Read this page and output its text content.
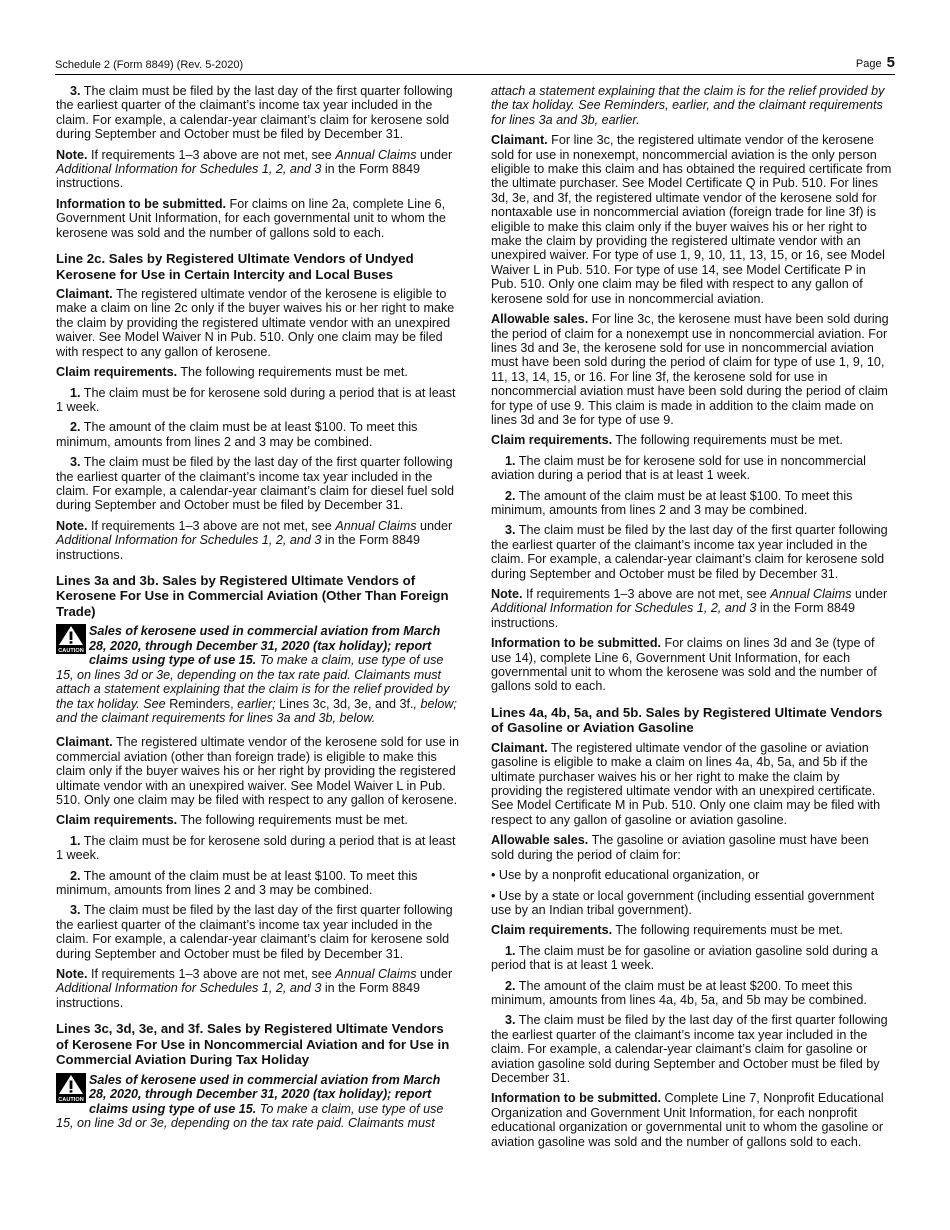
Schedule 2 (Form 8849) (Rev. 5-2020)	Page 5

3. The claim must be filed by the last day of the first quarter following the earliest quarter of the claimant’s income tax year included in the claim. For example, a calendar-year claimant’s claim for kerosene sold during September and October must be filed by December 31.

Note. If requirements 1–3 above are not met, see Annual Claims under Additional Information for Schedules 1, 2, and 3 in the Form 8849 instructions.

Information to be submitted. For claims on line 2a, complete Line 6, Government Unit Information, for each governmental unit to whom the kerosene was sold and the number of gallons sold to each.

Line 2c. Sales by Registered Ultimate Vendors of Undyed Kerosene for Use in Certain Intercity and Local Buses

Claimant. The registered ultimate vendor of the kerosene is eligible to make a claim on line 2c only if the buyer waives his or her right to make the claim by providing the registered ultimate vendor with an unexpired waiver. See Model Waiver N in Pub. 510. Only one claim may be filed with respect to any gallon of kerosene.

Claim requirements. The following requirements must be met.

1. The claim must be for kerosene sold during a period that is at least 1 week.

2. The amount of the claim must be at least $100. To meet this minimum, amounts from lines 2 and 3 may be combined.

3. The claim must be filed by the last day of the first quarter following the earliest quarter of the claimant’s income tax year included in the claim. For example, a calendar-year claimant’s claim for diesel fuel sold during September and October must be filed by December 31.

Note. If requirements 1–3 above are not met, see Annual Claims under Additional Information for Schedules 1, 2, and 3 in the Form 8849 instructions.

Lines 3a and 3b. Sales by Registered Ultimate Vendors of Kerosene For Use in Commercial Aviation (Other Than Foreign Trade)
CAUTION
Sales of kerosene used in commercial aviation from March 28, 2020, through December 31, 2020 (tax holiday); report claims using type of use 15. To make a claim, use type of use 15, on lines 3d or 3e, depending on the tax rate paid. Claimants must attach a statement explaining that the claim is for the relief provided by the tax holiday. See Reminders, earlier; Lines 3c, 3d, 3e, and 3f., below; and the claimant requirements for lines 3a and 3b, below.

Claimant. The registered ultimate vendor of the kerosene sold for use in commercial aviation (other than foreign trade) is eligible to make this claim only if the buyer waives his or her right by providing the registered ultimate vendor with an unexpired waiver. See Model Waiver L in Pub. 510. Only one claim may be filed with respect to any gallon of kerosene.

Claim requirements. The following requirements must be met.

1. The claim must be for kerosene sold during a period that is at least 1 week.

2. The amount of the claim must be at least $100. To meet this minimum, amounts from lines 2 and 3 may be combined.

3. The claim must be filed by the last day of the first quarter following the earliest quarter of the claimant’s income tax year included in the claim. For example, a calendar-year claimant’s claim for kerosene sold during September and October must be filed by December 31.

Note. If requirements 1–3 above are not met, see Annual Claims under Additional Information for Schedules 1, 2, and 3 in the Form 8849 instructions.

Lines 3c, 3d, 3e, and 3f. Sales by Registered Ultimate Vendors of Kerosene For Use in Noncommercial Aviation and for Use in Commercial Aviation During Tax Holiday
CAUTION
Sales of kerosene used in commercial aviation from March 28, 2020, through December 31, 2020 (tax holiday); report claims using type of use 15. To make a claim, use type of use 15, on line 3d or 3e, depending on the tax rate paid. Claimants must

attach a statement explaining that the claim is for the relief provided by the tax holiday. See Reminders, earlier, and the claimant requirements for lines 3a and 3b, earlier.

Claimant. For line 3c, the registered ultimate vendor of the kerosene sold for use in nonexempt, noncommercial aviation is the only person eligible to make this claim and has obtained the required certificate from the ultimate purchaser. See Model Certificate Q in Pub. 510. For lines 3d, 3e, and 3f, the registered ultimate vendor of the kerosene sold for nontaxable use in noncommercial aviation (foreign trade for line 3f) is eligible to make this claim only if the buyer waives his or her right to make the claim by providing the registered ultimate vendor with an unexpired waiver. For type of use 1, 9, 10, 11, 13, 15, or 16, see Model Waiver L in Pub. 510. For type of use 14, see Model Certificate P in Pub. 510. Only one claim may be filed with respect to any gallon of kerosene sold for use in noncommercial aviation.

Allowable sales. For line 3c, the kerosene must have been sold during the period of claim for a nonexempt use in noncommercial aviation. For lines 3d and 3e, the kerosene sold for use in noncommercial aviation must have been sold during the period of claim for type of use 1, 9, 10, 11, 13, 14, 15, or 16. For line 3f, the kerosene sold for use in noncommercial aviation must have been sold during the period of claim for type of use 9. This claim is made in addition to the claim made on lines 3d and 3e for type of use 9.

Claim requirements. The following requirements must be met.

1. The claim must be for kerosene sold for use in noncommercial aviation during a period that is at least 1 week.

2. The amount of the claim must be at least $100. To meet this minimum, amounts from lines 2 and 3 may be combined.

3. The claim must be filed by the last day of the first quarter following the earliest quarter of the claimant’s income tax year included in the claim. For example, a calendar-year claimant’s claim for kerosene sold during September and October must be filed by December 31.

Note. If requirements 1–3 above are not met, see Annual Claims under Additional Information for Schedules 1, 2, and 3 in the Form 8849 instructions.

Information to be submitted. For claims on lines 3d and 3e (type of use 14), complete Line 6, Government Unit Information, for each governmental unit to whom the kerosene was sold and the number of gallons sold to each.

Lines 4a, 4b, 5a, and 5b. Sales by Registered Ultimate Vendors of Gasoline or Aviation Gasoline

Claimant. The registered ultimate vendor of the gasoline or aviation gasoline is eligible to make a claim on lines 4a, 4b, 5a, and 5b if the ultimate purchaser waives his or her right to make the claim by providing the registered ultimate vendor with an unexpired certificate. See Model Certificate M in Pub. 510. Only one claim may be filed with respect to any gallon of gasoline or aviation gasoline.

Allowable sales. The gasoline or aviation gasoline must have been sold during the period of claim for:

• Use by a nonprofit educational organization, or

• Use by a state or local government (including essential government use by an Indian tribal government).

Claim requirements. The following requirements must be met.

1. The claim must be for gasoline or aviation gasoline sold during a period that is at least 1 week.

2. The amount of the claim must be at least $200. To meet this minimum, amounts from lines 4a, 4b, 5a, and 5b may be combined.

3. The claim must be filed by the last day of the first quarter following the earliest quarter of the claimant’s income tax year included in the claim. For example, a calendar-year claimant’s claim for gasoline or aviation gasoline sold during September and October must be filed by December 31.

Information to be submitted. Complete Line 7, Nonprofit Educational Organization and Government Unit Information, for each nonprofit educational organization or governmental unit to whom the gasoline or aviation gasoline was sold and the number of gallons sold to each.
